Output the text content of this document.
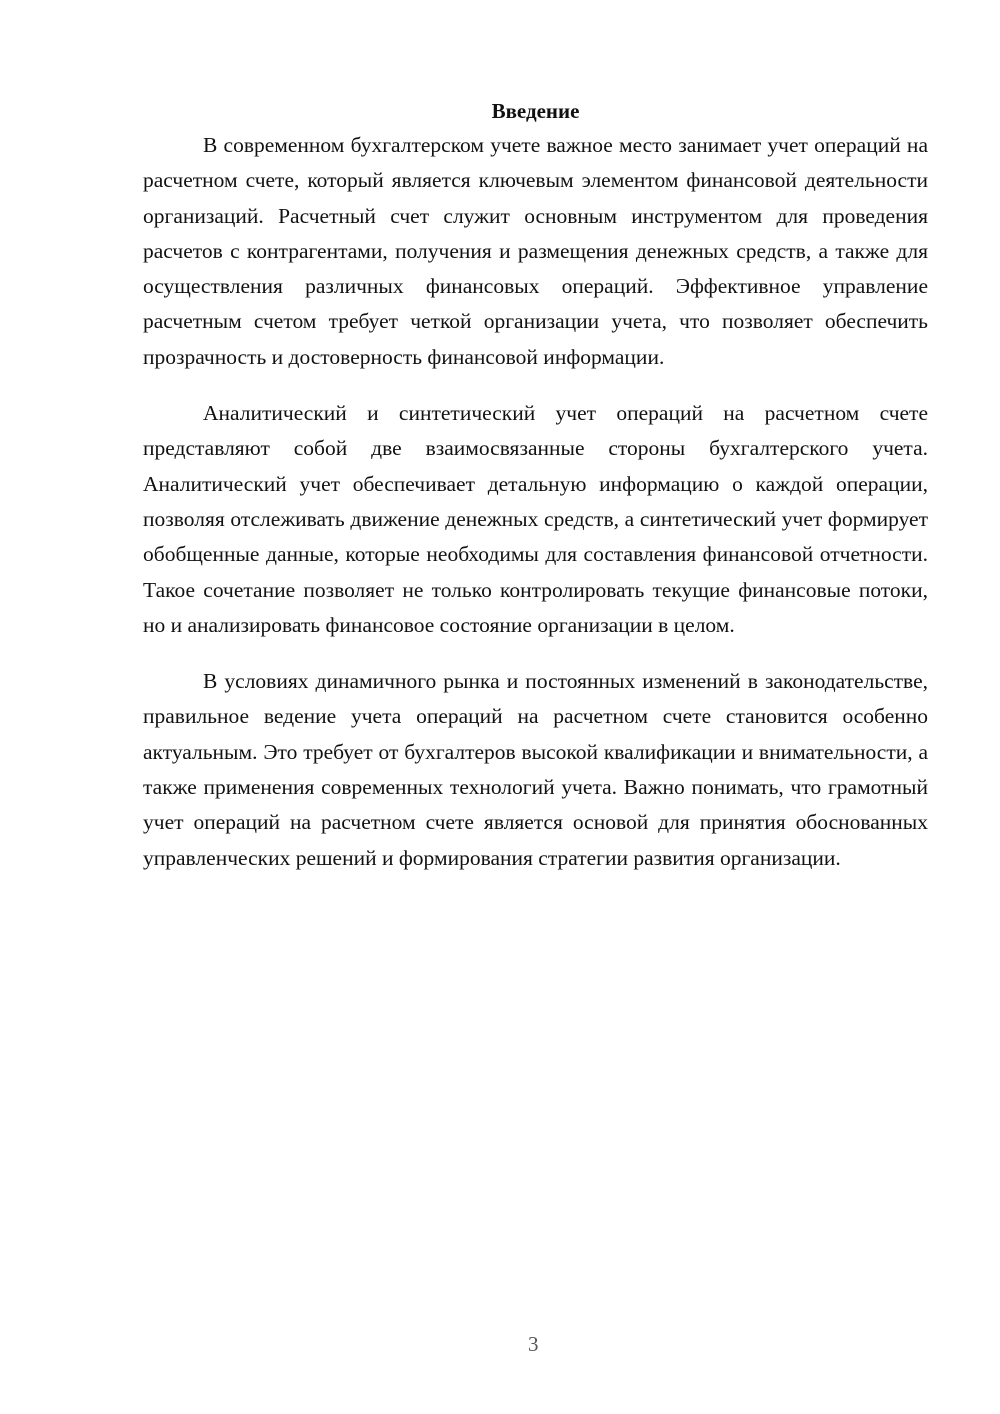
Введение

В современном бухгалтерском учете важное место занимает учет операций на расчетном счете, который является ключевым элементом финансовой деятельности организаций. Расчетный счет служит основным инструментом для проведения расчетов с контрагентами, получения и размещения денежных средств, а также для осуществления различных финансовых операций. Эффективное управление расчетным счетом требует четкой организации учета, что позволяет обеспечить прозрачность и достоверность финансовой информации.

Аналитический и синтетический учет операций на расчетном счете представляют собой две взаимосвязанные стороны бухгалтерского учета. Аналитический учет обеспечивает детальную информацию о каждой операции, позволяя отслеживать движение денежных средств, а синтетический учет формирует обобщенные данные, которые необходимы для составления финансовой отчетности. Такое сочетание позволяет не только контролировать текущие финансовые потоки, но и анализировать финансовое состояние организации в целом.

В условиях динамичного рынка и постоянных изменений в законодательстве, правильное ведение учета операций на расчетном счете становится особенно актуальным. Это требует от бухгалтеров высокой квалификации и внимательности, а также применения современных технологий учета. Важно понимать, что грамотный учет операций на расчетном счете является основой для принятия обоснованных управленческих решений и формирования стратегии развития организации.

3
